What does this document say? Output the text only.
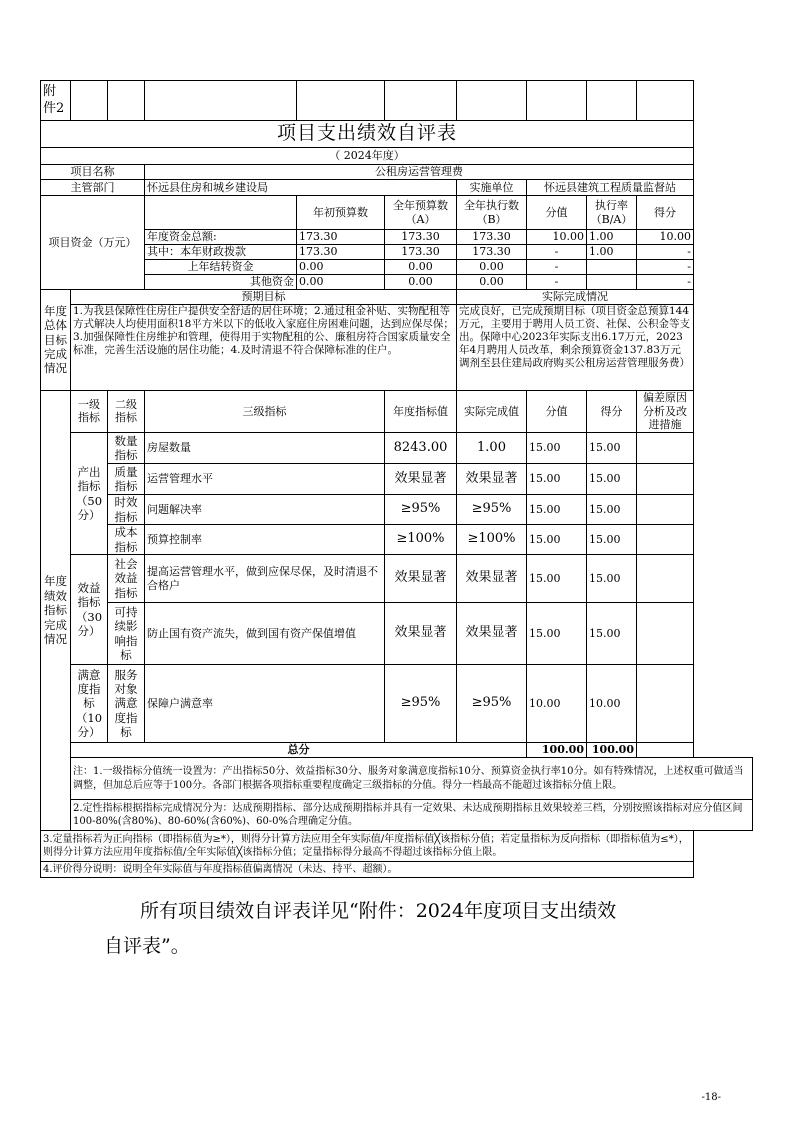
附件2									
项目支出绩效自评表									
（ 2024年度）									
项目名称			公租房运营管理费						
主管部门			怀远县住房和城乡建设局			实施单位	怀远县建筑工程质量监督站		
项目资金（万元）				年初预算数	全年预算数（A）	全年执行数（B）	分值	执行率（B/A）	得分
			年度资金总额:	173.30	173.30	173.30	10.00	1.00	10.00
			其中：本年财政拨款	173.30	173.30	173.30	-	1.00	-
			上年结转资金	0.00	0.00	0.00	-		-
			其他资金	0.00	0.00	0.00	-		-
年度总体目标完成情况	预期目标					实际完成情况			
	1.为我县保障性住房住户提供安全舒适的居住环境；2.通过租金补贴、实物配租等方式解决人均使用面积18平方米以下的低收入家庭住房困难问题，达到应保尽保；3.加强保障性住房维护和管理，使得用于实物配租的公、廉租房符合国家质量安全标准，完善生活设施的居住功能；4.及时清退不符合保障标准的住户。					完成良好，已完成预期目标（项目资金总预算144万元，主要用于聘用人员工资、社保、公积金等支出。保障中心2023年实际支出6.17万元，2023年4月聘用人员改革，剩余预算资金137.83万元调剂至县住建局政府购买公租房运营管理服务费）			
年度绩效指标完成情况	一级指标	二级指标	三级指标		年度指标值	实际完成值	分值	得分	偏差原因分析及改进措施
	产出指标（50分）	数量指标	房屋数量		8243.00	1.00	15.00	15.00	
		质量指标	运营管理水平		效果显著	效果显著	15.00	15.00	
		时效指标	问题解决率		≥95%	≥95%	15.00	15.00	
		成本指标	预算控制率		≥100%	≥100%	15.00	15.00	
	效益指标（30分）	社会效益指标	提高运营管理水平，做到应保尽保，及时清退不合格户		效果显著	效果显著	15.00	15.00	
		可持续影响指标	防止国有资产流失，做到国有资产保值增值		效果显著	效果显著	15.00	15.00	
	满意度指标（10分）	服务对象满意度指标	保障户满意率		≥95%	≥95%	10.00	10.00	
	总分						100.00	100.00	
	注：1.一级指标分值统一设置为：产出指标50分、效益指标30分、服务对象满意度指标10分、预算资金执行率10分。如有特殊情况，上述权重可做适当调整，但加总后应等于100分。各部门根据各项指标重要程度确定三级指标的分值。得分一档最高不能超过该指标分值上限。								
	2.定性指标根据指标完成情况分为：达成预期指标、部分达成预期指标并具有一定效果、未达成预期指标且效果较差三档，分别按照该指标对应分值区间100-80%(含80%)、80-60%(含60%)、60-0%合理确定分值。								
3.定量指标若为正向指标（即指标值为≥*），则得分计算方法应用全年实际值/年度指标值╳该指标分值；若定量指标为反向指标（即指标值为≤*），则得分计算方法应用年度指标值/全年实际值╳该指标分值；定量指标得分最高不得超过该指标分值上限。									
4.评价得分说明：说明全年实际值与年度指标值偏离情况（未达、持平、超额）。									
所有项目绩效自评表详见“附件：2024年度项目支出绩效
自评表”。
-18-
